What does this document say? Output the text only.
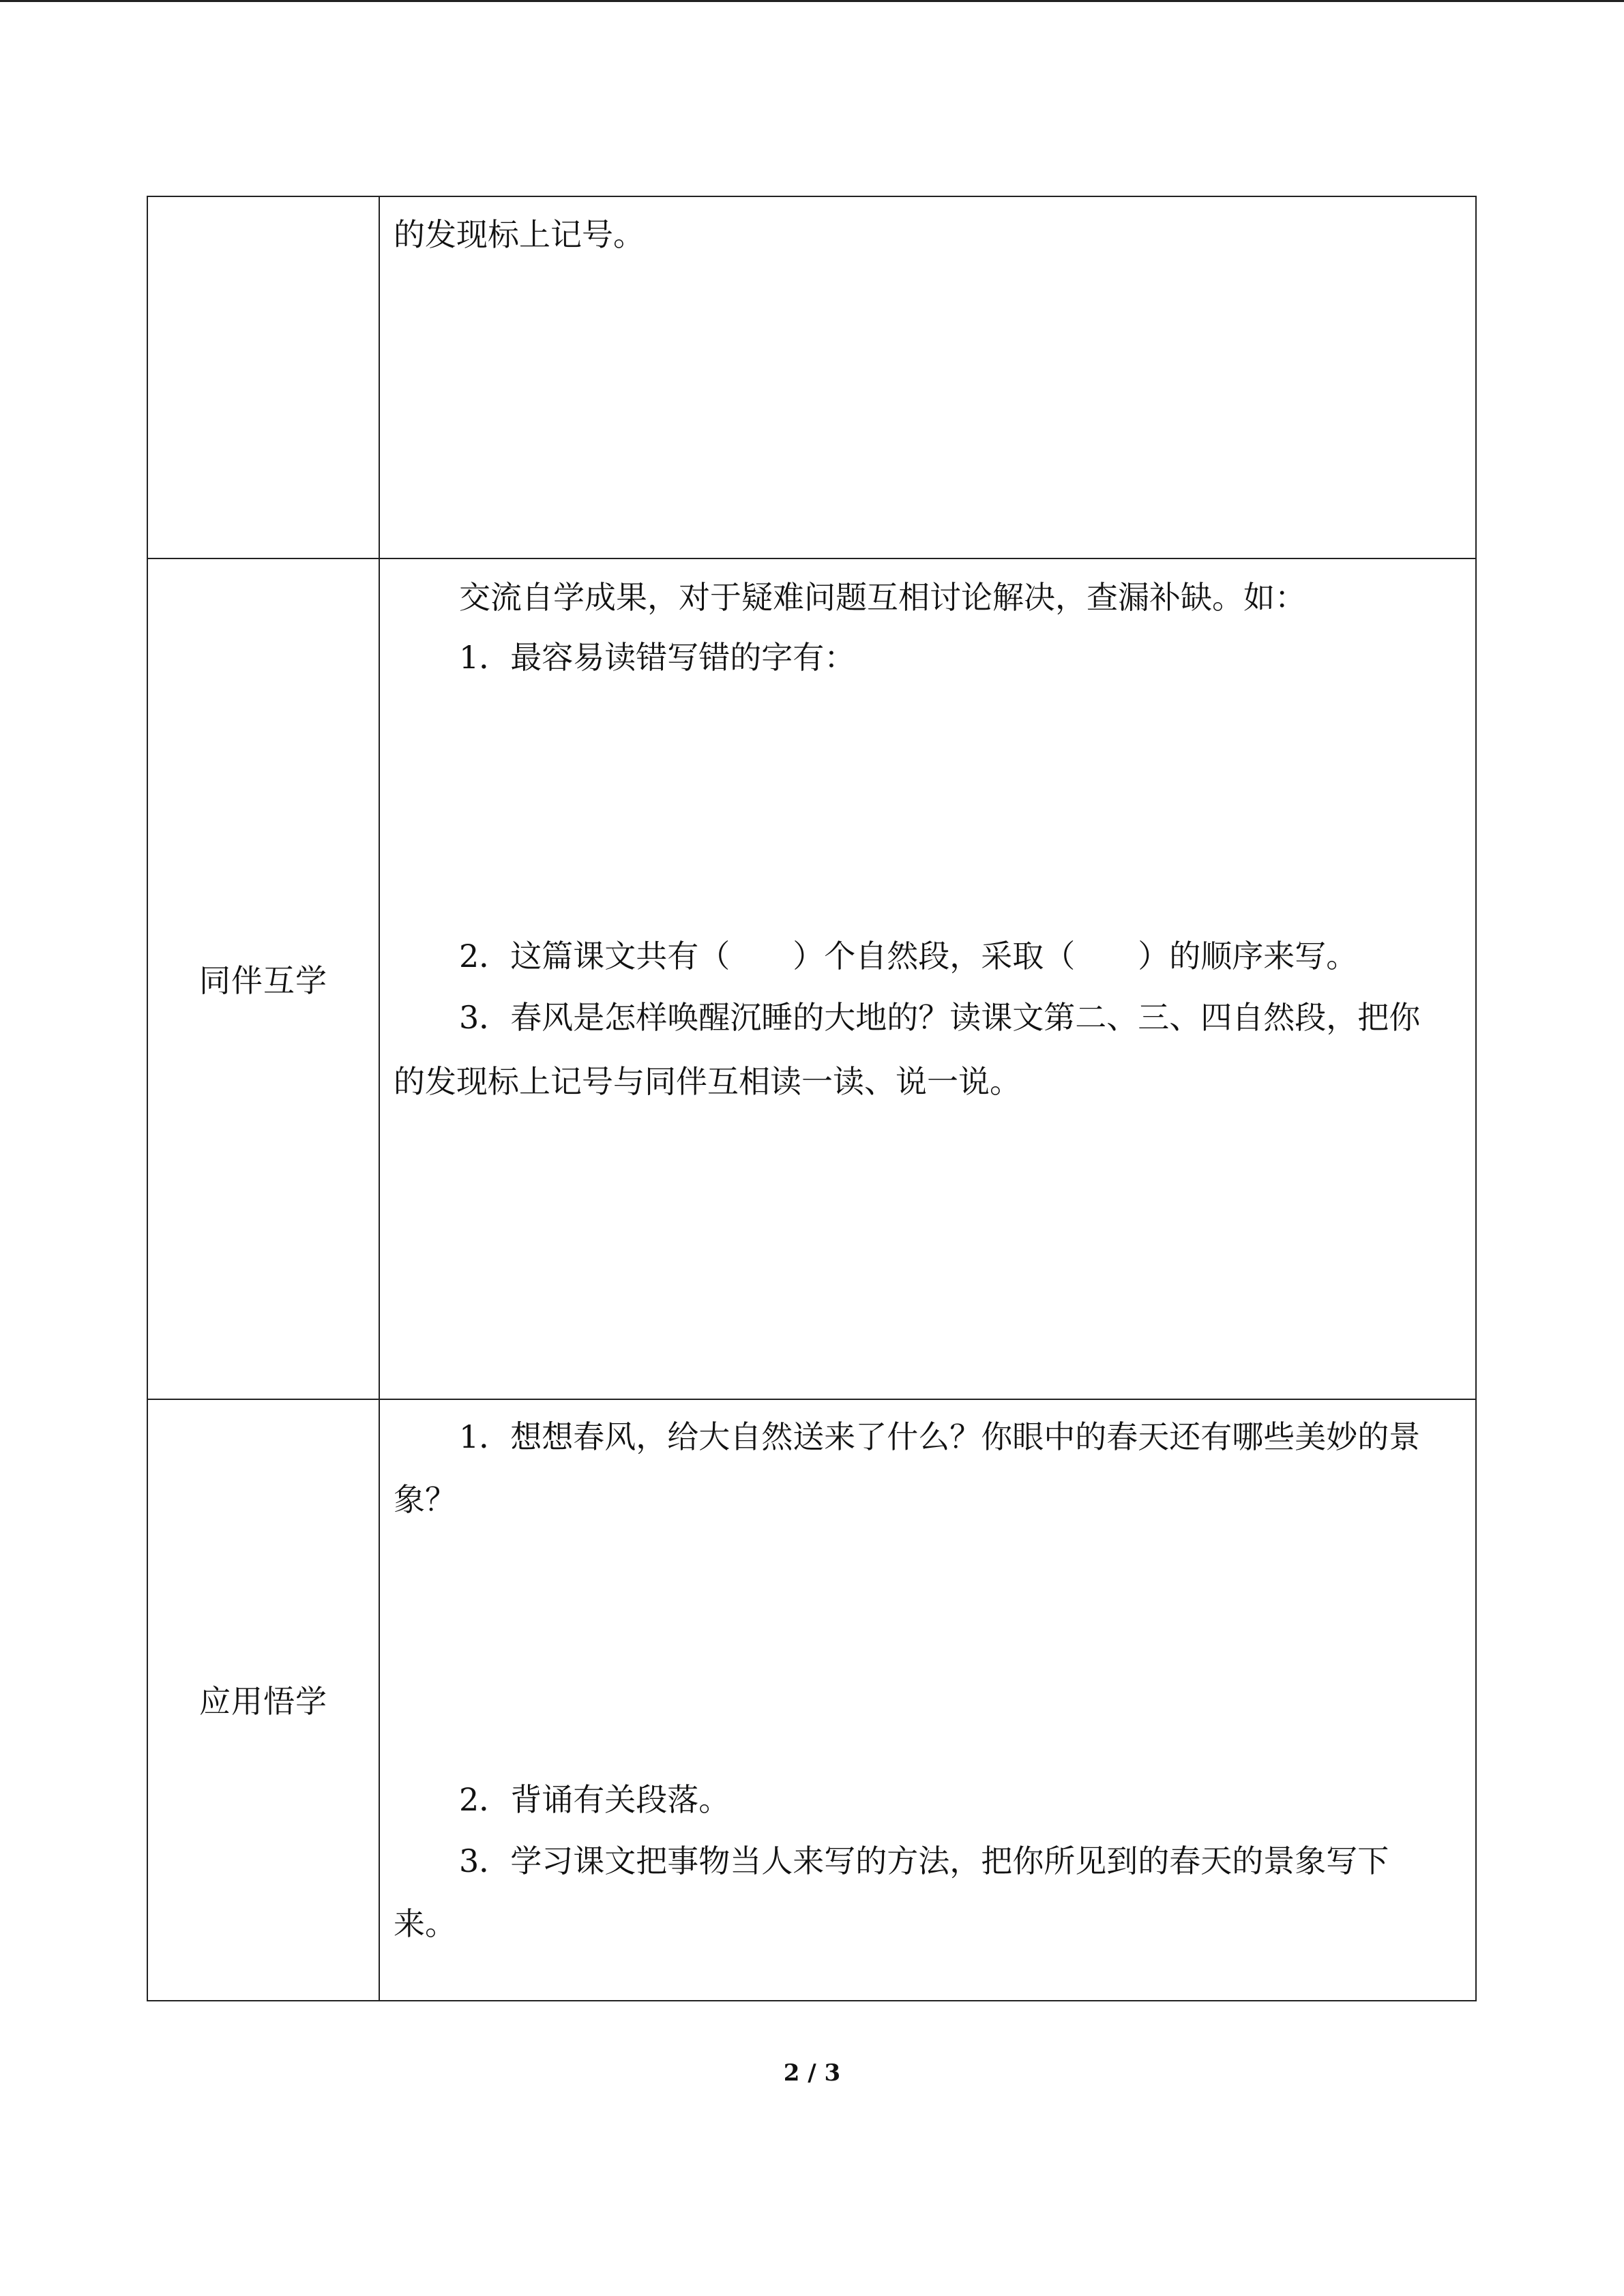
的发现标上记号。
同伴互学
交流自学成果，对于疑难问题互相讨论解决，查漏补缺。如：
1．最容易读错写错的字有：
2．这篇课文共有（　　）个自然段，采取（　　）的顺序来写。
3．春风是怎样唤醒沉睡的大地的？读课文第二、三、四自然段，把你
的发现标上记号与同伴互相读一读、说一说。
应用悟学
1．想想春风，给大自然送来了什么？你眼中的春天还有哪些美妙的景
象？
2．背诵有关段落。
3．学习课文把事物当人来写的方法，把你所见到的春天的景象写下
来。
2 / 3
